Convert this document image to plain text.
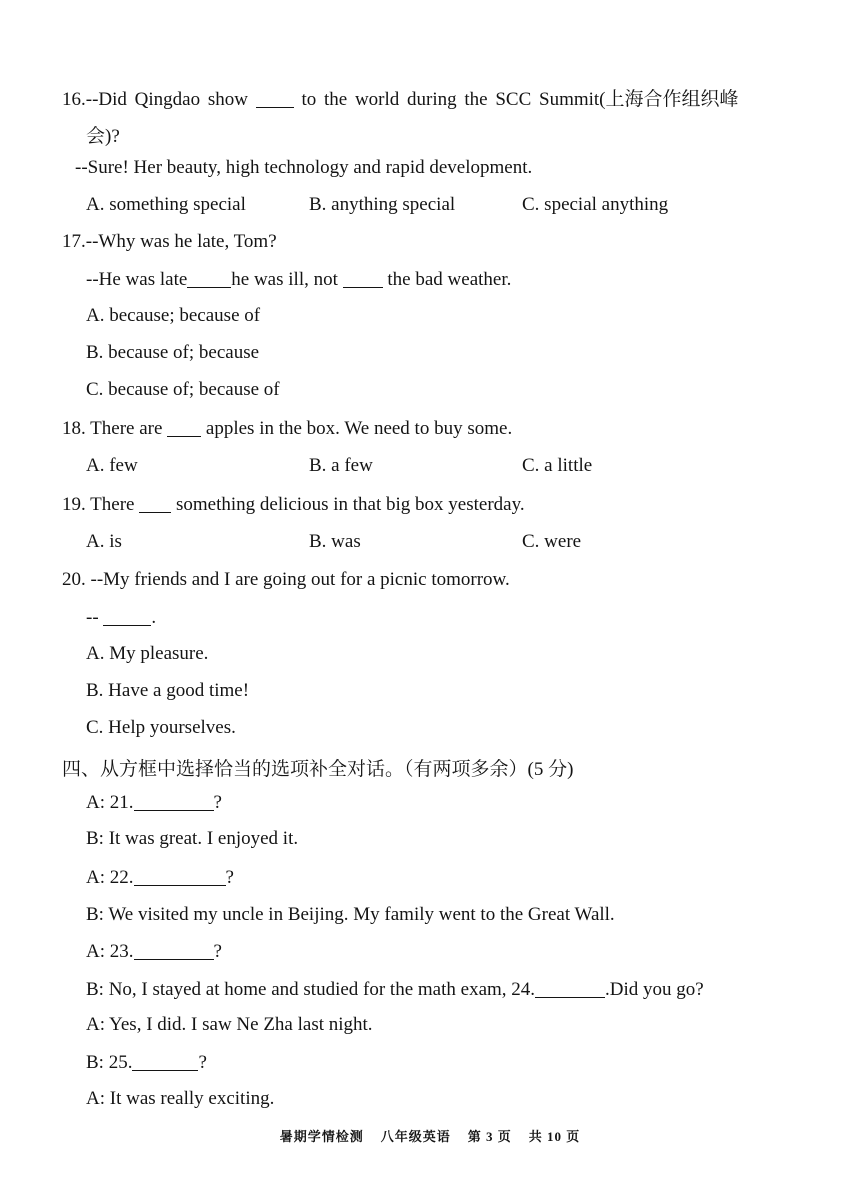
16.--Did Qingdao show	to the world during the SCC Summit(上海合作组织峰
会)?
--Sure! Her beauty, high technology and rapid development.
A. something special	B. anything special	C. special anything
17.--Why was he late, Tom?
--He was late he was ill, not	the bad weather.
A. because; because of
B. because of; because
C. because of; because of
18. There are apples in the box. We need to buy some.
A. few	B. a few	C. a little
19. There something delicious in that big box yesterday.
A. is	B. was	C. were
20. --My friends and I are going out for a picnic tomorrow.
--	.
A. My pleasure.
B. Have a good time!
C. Help yourselves.
四、从方框中选择恰当的选项补全对话。（有两项多余）(5 分)
A: 21.	?
B: It was great. I enjoyed it.
A: 22.	?
B: We visited my uncle in Beijing. My family went to the Great Wall.
A: 23.	?
B: No, I stayed at home and studied for the math exam, 24.	.Did you go?
A: Yes, I did. I saw Ne Zha last night.
B: 25.	?
A: It was really exciting.
暑期学情检测    八年级英语    第 3 页    共 10 页
